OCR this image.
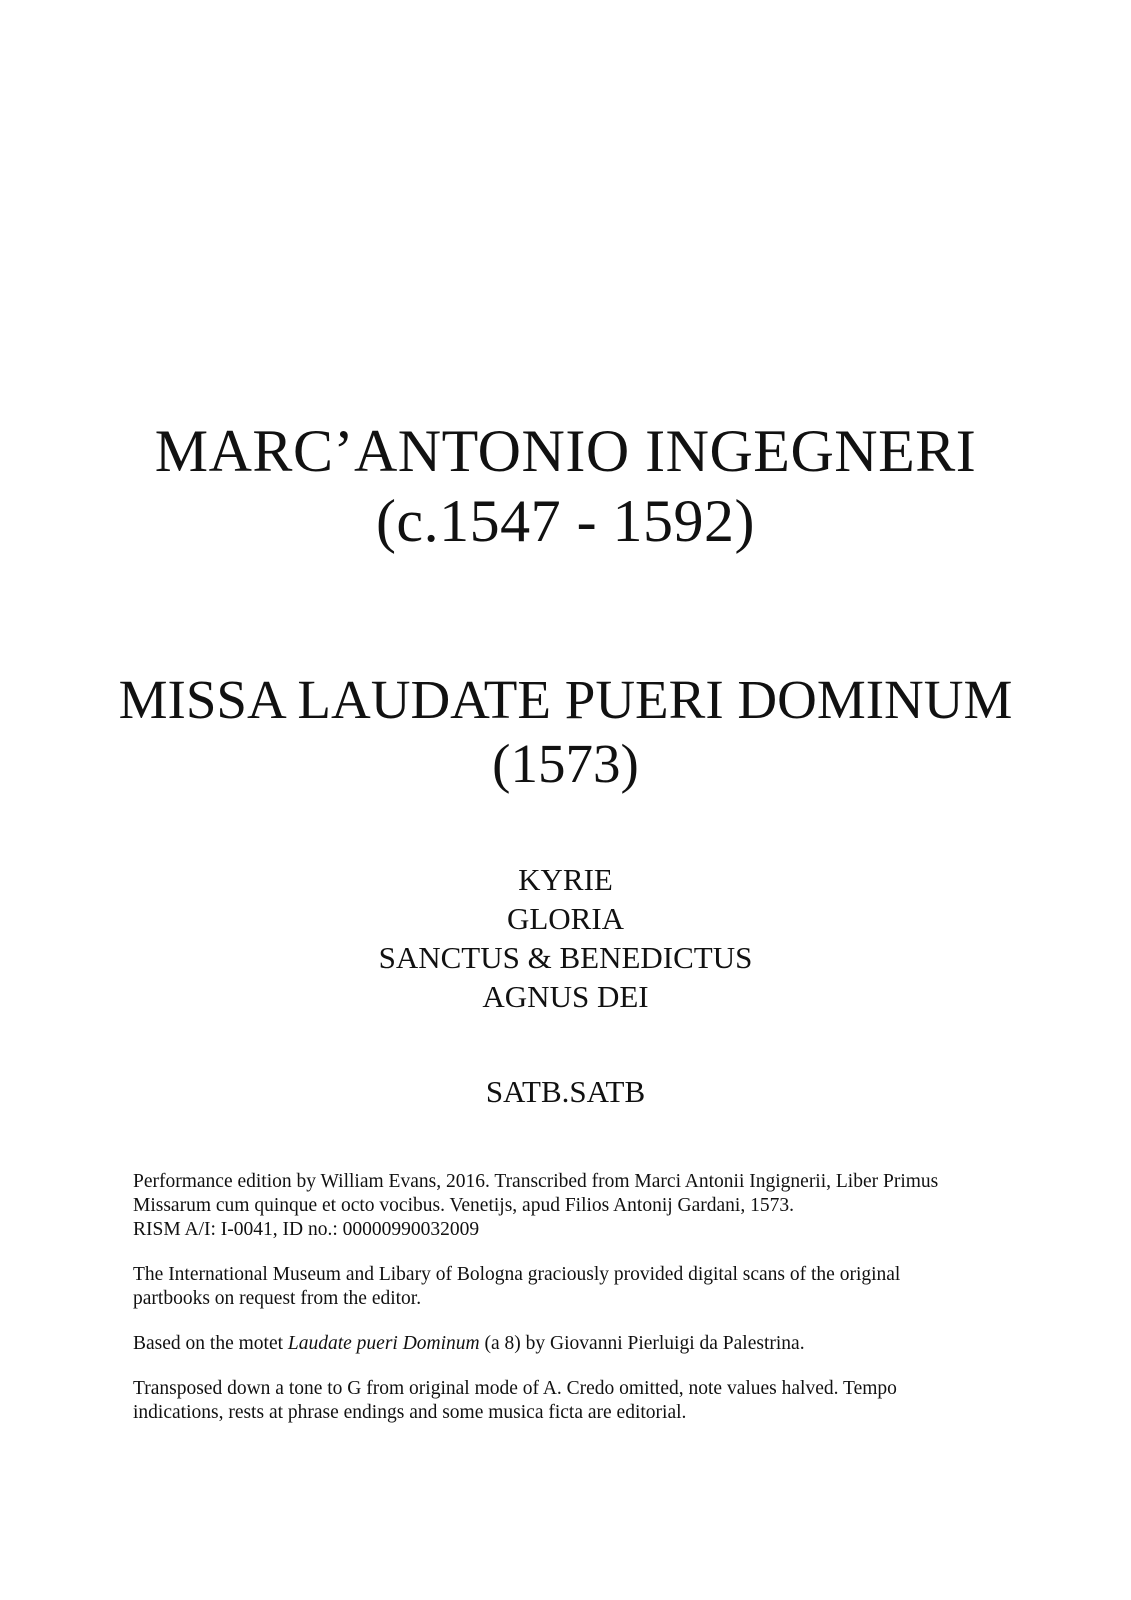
MARC’ANTONIO INGEGNERI
(c.1547 - 1592)
MISSA LAUDATE PUERI DOMINUM
(1573)
KYRIE
GLORIA
SANCTUS & BENEDICTUS
AGNUS DEI
SATB.SATB

Performance edition by William Evans, 2016. Transcribed from Marci Antonii Ingignerii, Liber Primus
Missarum cum quinque et octo vocibus. Venetijs, apud Filios Antonij Gardani, 1573.
RISM A/I: I-0041, ID no.: 00000990032009

The International Museum and Libary of Bologna graciously provided digital scans of the original
partbooks on request from the editor.

Based on the motet Laudate pueri Dominum (a 8) by Giovanni Pierluigi da Palestrina.

Transposed down a tone to G from original mode of A. Credo omitted, note values halved. Tempo
indications, rests at phrase endings and some musica ficta are editorial.
